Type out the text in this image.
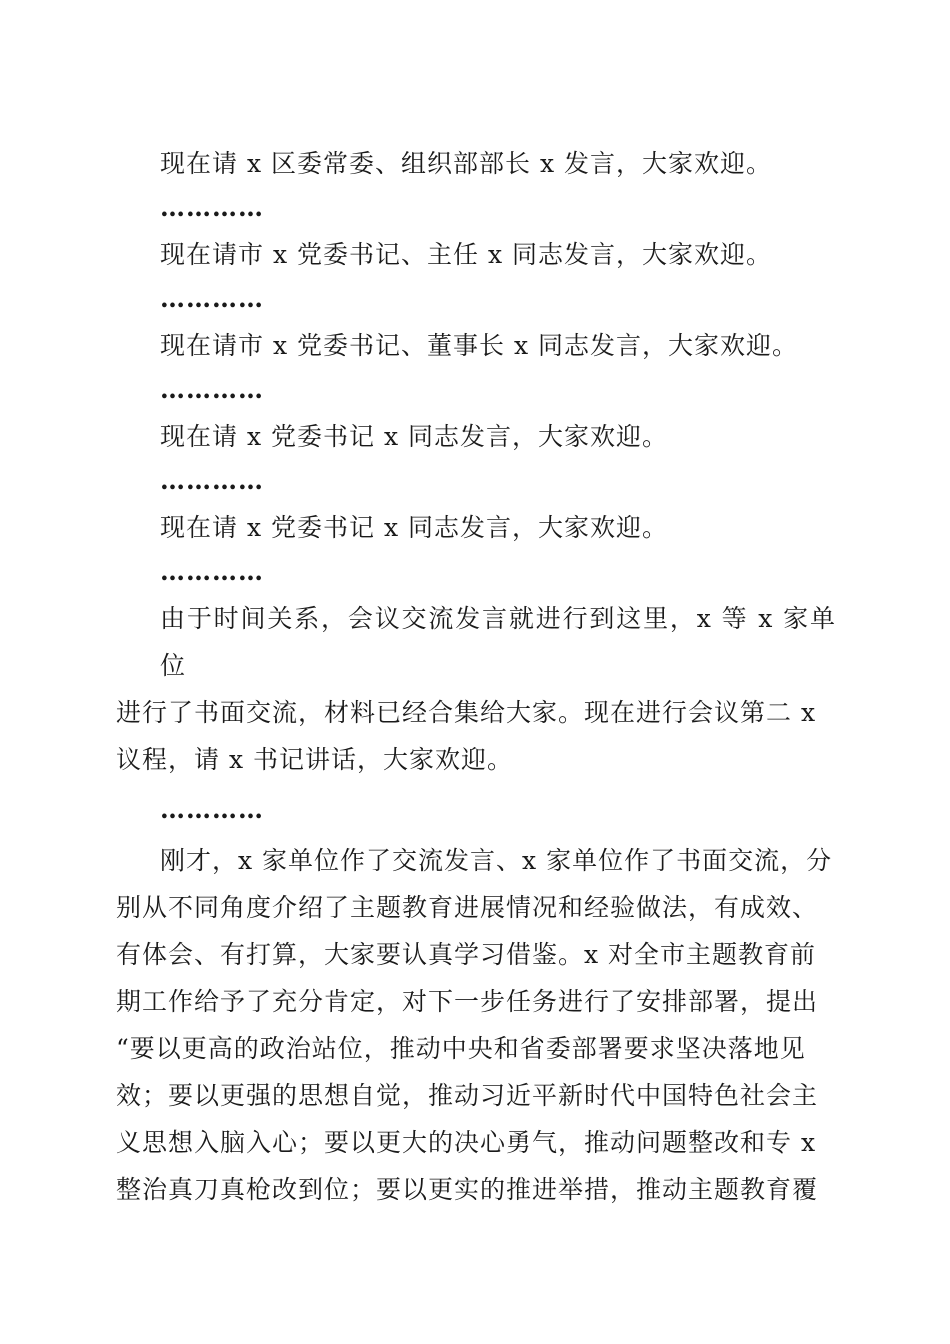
现在请 x 区委常委、组织部部长 x 发言，大家欢迎。

…………

现在请市 x 党委书记、主任 x 同志发言，大家欢迎。

…………

现在请市 x 党委书记、董事长 x 同志发言，大家欢迎。

…………

现在请 x 党委书记 x 同志发言，大家欢迎。

…………

现在请 x 党委书记 x 同志发言，大家欢迎。

…………

由于时间关系，会议交流发言就进行到这里，x 等 x 家单位
进行了书面交流，材料已经合集给大家。现在进行会议第二 x
议程，请 x 书记讲话，大家欢迎。

…………

刚才，x 家单位作了交流发言、x 家单位作了书面交流，分
别从不同角度介绍了主题教育进展情况和经验做法，有成效、
有体会、有打算，大家要认真学习借鉴。x 对全市主题教育前
期工作给予了充分肯定，对下一步任务进行了安排部署，提出
“要以更高的政治站位，推动中央和省委部署要求坚决落地见
效；要以更强的思想自觉，推动习近平新时代中国特色社会主
义思想入脑入心；要以更大的决心勇气，推动问题整改和专 x
整治真刀真枪改到位；要以更实的推进举措，推动主题教育覆
